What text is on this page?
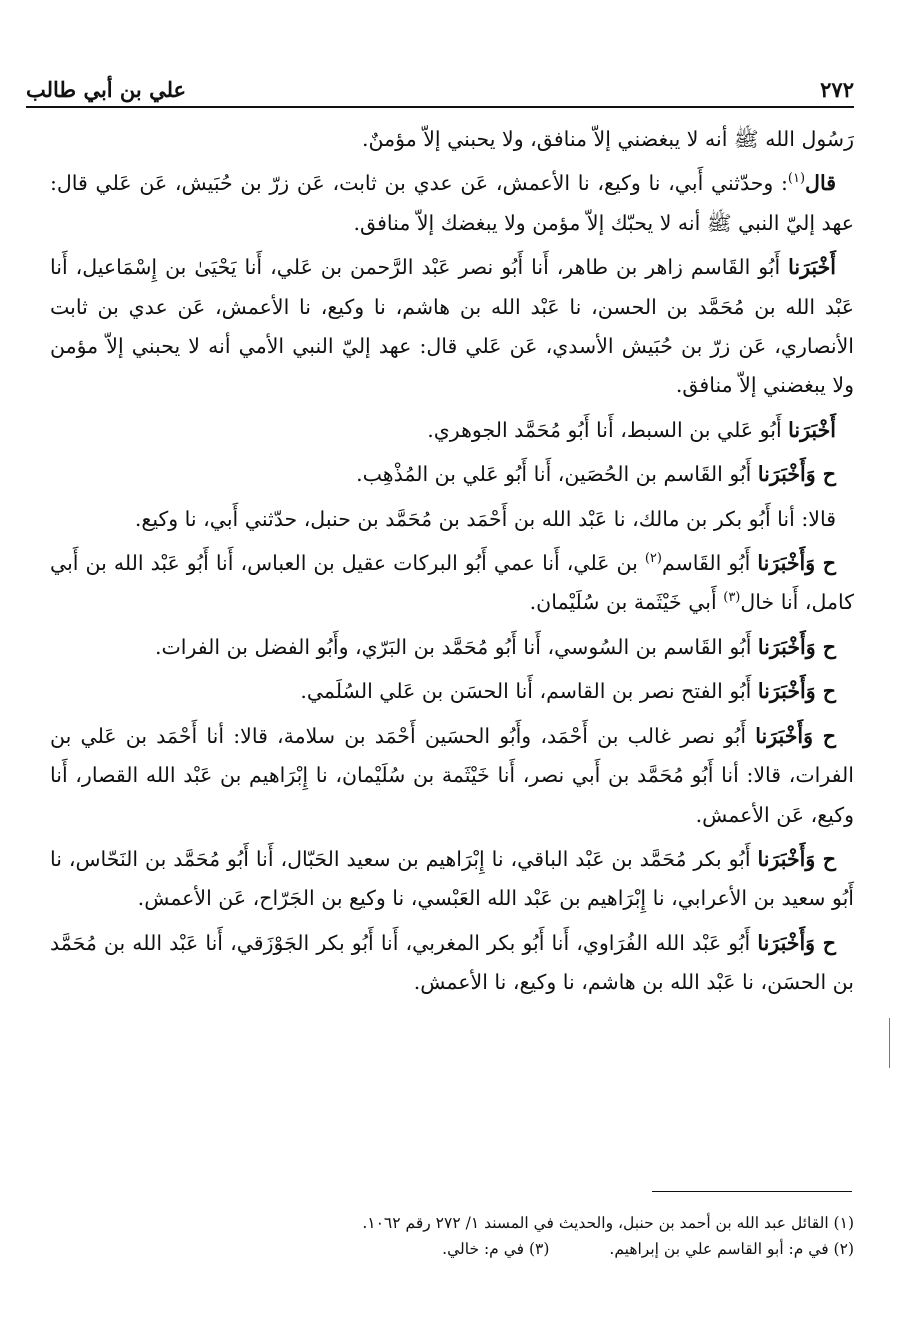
علي بن أبي طالب	٢٧٢

رَسُول الله ﷺ أنه لا يبغضني إلاّ منافق، ولا يحبني إلاّ مؤمنٌ.

قال$^{(١)}$: وحدّثني أَبي، نا وكيع، نا الأعمش، عَن عدي بن ثابت، عَن زرّ بن حُبَيش، عَن عَلي قال: عهد إليّ النبي ﷺ أنه لا يحبّك إلاّ مؤمن ولا يبغضك إلاّ منافق.

أَخْبَرَنا أَبُو القَاسم زاهر بن طاهر، أَنا أَبُو نصر عَبْد الرَّحمن بن عَلي، أَنا يَحْيَىٰ بن إِسْمَاعيل، أَنا عَبْد الله بن مُحَمَّد بن الحسن، نا عَبْد الله بن هاشم، نا وكيع، نا الأعمش، عَن عدي بن ثابت الأنصاري، عَن زرّ بن حُبَيش الأسدي، عَن عَلي قال: عهد إليّ النبي الأمي أنه لا يحبني إلاّ مؤمن ولا يبغضني إلاّ منافق.

أَخْبَرَنا أَبُو عَلي بن السبط، أَنا أَبُو مُحَمَّد الجوهري.

ح وَأَخْبَرَنا أَبُو القَاسم بن الحُصَين، أَنا أَبُو عَلي بن المُذْهِب.

قالا: أنا أَبُو بكر بن مالك، نا عَبْد الله بن أَحْمَد بن مُحَمَّد بن حنبل، حدّثني أَبي، نا وكيع.

ح وَأَخْبَرَنا أَبُو القَاسم$^{(٢)}$ بن عَلي، أَنا عمي أَبُو البركات عقيل بن العباس، أَنا أَبُو عَبْد الله بن أَبي كامل، أَنا خال$^{(٣)}$ أَبي خَيْثَمة بن سُلَيْمان.

ح وَأَخْبَرَنا أَبُو القَاسم بن السُوسي، أَنا أَبُو مُحَمَّد بن البَرّي، وأَبُو الفضل بن الفرات.

ح وَأَخْبَرَنا أَبُو الفتح نصر بن القاسم، أَنا الحسَن بن عَلي السُلَمي.

ح وَأَخْبَرَنا أَبُو نصر غالب بن أَحْمَد، وأَبُو الحسَين أَحْمَد بن سلامة، قالا: أنا أَحْمَد بن عَلي بن الفرات، قالا: أنا أَبُو مُحَمَّد بن أَبي نصر، أَنا خَيْثَمة بن سُلَيْمان، نا إِبْرَاهيم بن عَبْد الله القصار، أَنا وكيع، عَن الأعمش.

ح وَأَخْبَرَنا أَبُو بكر مُحَمَّد بن عَبْد الباقي، نا إِبْرَاهيم بن سعيد الحَبّال، أَنا أَبُو مُحَمَّد بن النَحّاس، نا أَبُو سعيد بن الأعرابي، نا إِبْرَاهيم بن عَبْد الله العَبْسي، نا وكيع بن الجَرّاح، عَن الأعمش.

ح وَأَخْبَرَنا أَبُو عَبْد الله الفُرَاوي، أَنا أَبُو بكر المغربي، أَنا أَبُو بكر الجَوْزَقي، أَنا عَبْد الله بن مُحَمَّد بن الحسَن، نا عَبْد الله بن هاشم، نا وكيع، نا الأعمش.

(١) القائل عبد الله بن أحمد بن حنبل، والحديث في المسند ١/ ٢٧٢ رقم ١٠٦٢.

(٢) في م: أبو القاسم علي بن إبراهيم.(٣) في م: خالي.
